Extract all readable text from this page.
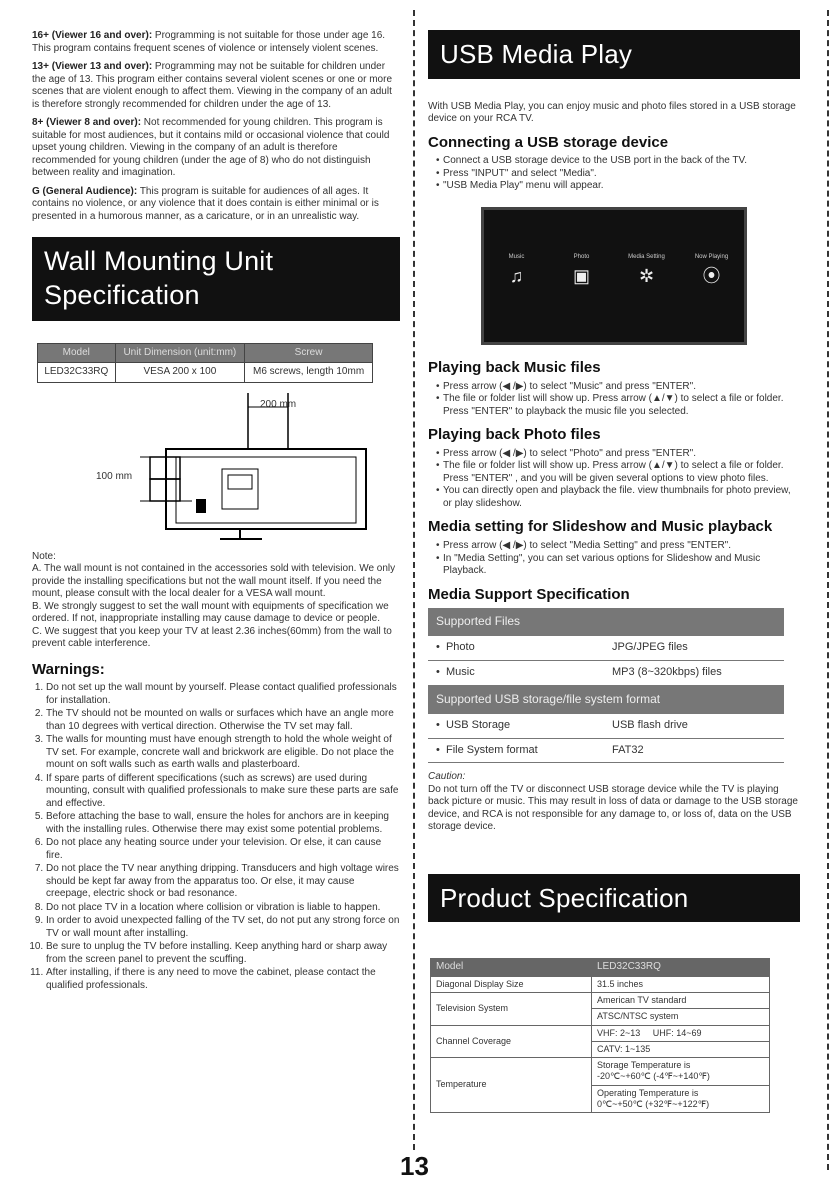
16+ (Viewer 16 and over): Programming is not suitable for those under age 16. This program contains frequent scenes of violence or intensely violent scenes.

13+ (Viewer 13 and over): Programming may not be suitable for children under the age of 13. This program either contains several violent scenes or one or more scenes that are violent enough to affect them. Viewing in the company of an adult is therefore strongly recommended for children under the age of 13.

8+ (Viewer 8 and over): Not recommended for young children. This program is suitable for most audiences, but it contains mild or occasional violence that could upset young children. Viewing in the company of an adult is therefore recommended for young children (under the age of 8) who do not distinguish between reality and imagination.

G (General Audience): This program is suitable for audiences of all ages. It contains no violence, or any violence that it does contain is either minimal or is presented in a humorous manner, as a caricature, or in an unrealistic way.

Wall Mounting Unit Specification
Model	Unit Dimension (unit:mm)	Screw
LED32C33RQ	VESA 200 x 100	M6 screws, length 10mm
200 mm
100 mm

Note:

A. The wall mount is not contained in the accessories sold with television. We only provide the installing specifications but not the wall mount itself. If you need the mount, please consult with the local dealer for a VESA wall mount.

B. We strongly suggest to set the wall mount with equipments of specification we ordered. If not, inappropriate installing may cause damage to device or people.

C. We suggest that you keep your TV at least 2.36 inches(60mm) from the wall to prevent cable interference.

Warnings:
1. Do not set up the wall mount by yourself. Please contact qualified professionals for installation.
2. The TV should not be mounted on walls or surfaces which have an angle more than 10 degrees with vertical direction. Otherwise the TV set may fall.
3. The walls for mounting must have enough strength to hold the whole weight of TV set. For example, concrete wall and brickwork are eligible. Do not place the mount on soft walls such as earth walls and plasterboard.
4. If spare parts of different specifications (such as screws) are used during mounting, consult with qualified professionals to make sure these parts are safe and effective.
5. Before attaching the base to wall, ensure the holes for anchors are in keeping with the installing rules. Otherwise there may exist some potential problems.
6. Do not place any heating source under your television. Or else, it can cause fire.
7. Do not place the TV near anything dripping. Transducers and high voltage wires should be kept far away from the apparatus too. Or else, it may cause creepage, electric shock or bad resonance.
8. Do not place TV in a location where collision or vibration is liable to happen.
9. In order to avoid unexpected falling of the TV set, do not put any strong force on TV or wall mount after installing.
10. Be sure to unplug the TV before installing. Keep anything hard or sharp away from the screen panel to prevent the scuffing.
11. After installing, if there is any need to move the cabinet, please contact the qualified professionals.
USB Media Play

With USB Media Play, you can enjoy music and photo files stored in a USB storage device on your RCA TV.

Connecting a USB storage device
• Connect a USB storage device to the USB port in the back of the TV.
• Press "INPUT" and select "Media".
• "USB Media Play" menu will appear.
Music
♫
Photo
▣
Media Setting
✲
Now Playing
⦿
Playing back Music files
• Press arrow (◀ /▶) to select "Music" and press "ENTER".
• The file or folder list will show up. Press arrow (▲/▼) to select a file or folder. Press "ENTER" to playback the music file you selected.
Playing back Photo files
• Press arrow (◀ /▶) to select "Photo" and press "ENTER".
• The file or folder list will show up. Press arrow (▲/▼) to select a file or folder. Press "ENTER" , and you will be given several options to view photo files.
• You can directly open and playback the file. view thumbnails for photo preview, or play slideshow.
Media setting for Slideshow and Music playback
• Press arrow (◀ /▶) to select "Media Setting" and press "ENTER".
• In "Media Setting", you can set various options for Slideshow and Music Playback.
Media Support Specification
Supported Files	
•  Photo	JPG/JPEG files
•  Music	MP3 (8~320kbps) files
Supported USB storage/file system format	
•  USB Storage	USB flash drive
•  File System format	FAT32

Caution:

Do not turn off the TV or disconnect USB storage device while the TV is playing back picture or music. This may result in loss of data or damage to the USB storage device, and RCA is not responsible for any damage to, or loss of, data on the USB storage device.

Product Specification
Model	LED32C33RQ
Diagonal Display Size	31.5 inches
Television System	American TV standard
	ATSC/NTSC system
Channel Coverage	VHF: 2~13     UHF: 14~69
	CATV: 1~135
Temperature	Storage Temperature is
-20℃~+60℃ (-4℉~+140℉)

	Operating Temperature is
0℃~+50℃ (+32℉~+122℉)
13
